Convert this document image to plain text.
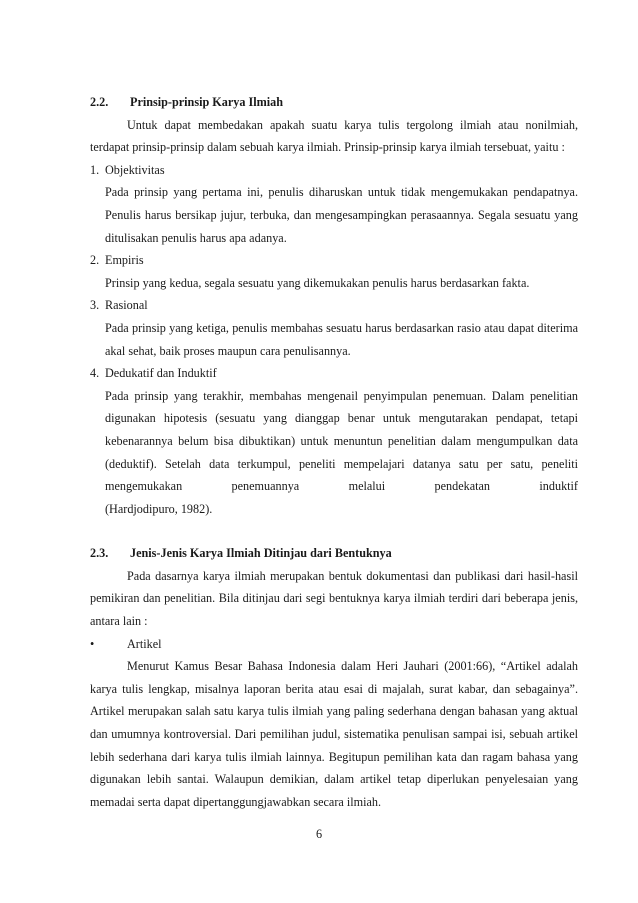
2.2.	Prinsip-prinsip Karya Ilmiah

Untuk dapat membedakan apakah suatu karya tulis tergolong ilmiah atau nonilmiah, terdapat prinsip-prinsip dalam sebuah karya ilmiah. Prinsip-prinsip karya ilmiah tersebuat, yaitu :

1. Objektivitas
Pada prinsip yang pertama ini, penulis diharuskan untuk tidak mengemukakan pendapatnya. Penulis harus bersikap jujur, terbuka, dan mengesampingkan perasaannya. Segala sesuatu yang ditulisakan penulis harus apa adanya.
2. Empiris
Prinsip yang kedua, segala sesuatu yang dikemukakan penulis harus berdasarkan fakta.
3. Rasional
Pada prinsip yang ketiga, penulis membahas sesuatu harus berdasarkan rasio atau dapat diterima akal sehat, baik proses maupun cara penulisannya.
4. Dedukatif dan Induktif
Pada prinsip yang terakhir, membahas mengenail penyimpulan penemuan. Dalam penelitian digunakan hipotesis (sesuatu yang dianggap benar untuk mengutarakan pendapat, tetapi kebenarannya belum bisa dibuktikan) untuk menuntun penelitian dalam mengumpulkan data (deduktif). Setelah data terkumpul, peneliti mempelajari datanya satu per satu, peneliti mengemukakan penemuannya melalui pendekatan induktif
(Hardjodipuro, 1982).
2.3.	Jenis-Jenis Karya Ilmiah Ditinjau dari Bentuknya

Pada dasarnya karya ilmiah merupakan bentuk dokumentasi dan publikasi dari hasil-hasil pemikiran dan penelitian. Bila ditinjau dari segi bentuknya karya ilmiah terdiri dari beberapa jenis, antara lain :

•	Artikel

Menurut Kamus Besar Bahasa Indonesia dalam Heri Jauhari (2001:66), “Artikel adalah karya tulis lengkap, misalnya laporan berita atau esai di majalah, surat kabar, dan sebagainya”. Artikel merupakan salah satu karya tulis ilmiah yang paling sederhana dengan bahasan yang aktual dan umumnya kontroversial. Dari pemilihan judul, sistematika penulisan sampai isi, sebuah artikel lebih sederhana dari karya tulis ilmiah lainnya. Begitupun pemilihan kata dan ragam bahasa yang digunakan lebih santai. Walaupun demikian, dalam artikel tetap diperlukan penyelesaian yang memadai serta dapat dipertanggungjawabkan secara ilmiah.

6
